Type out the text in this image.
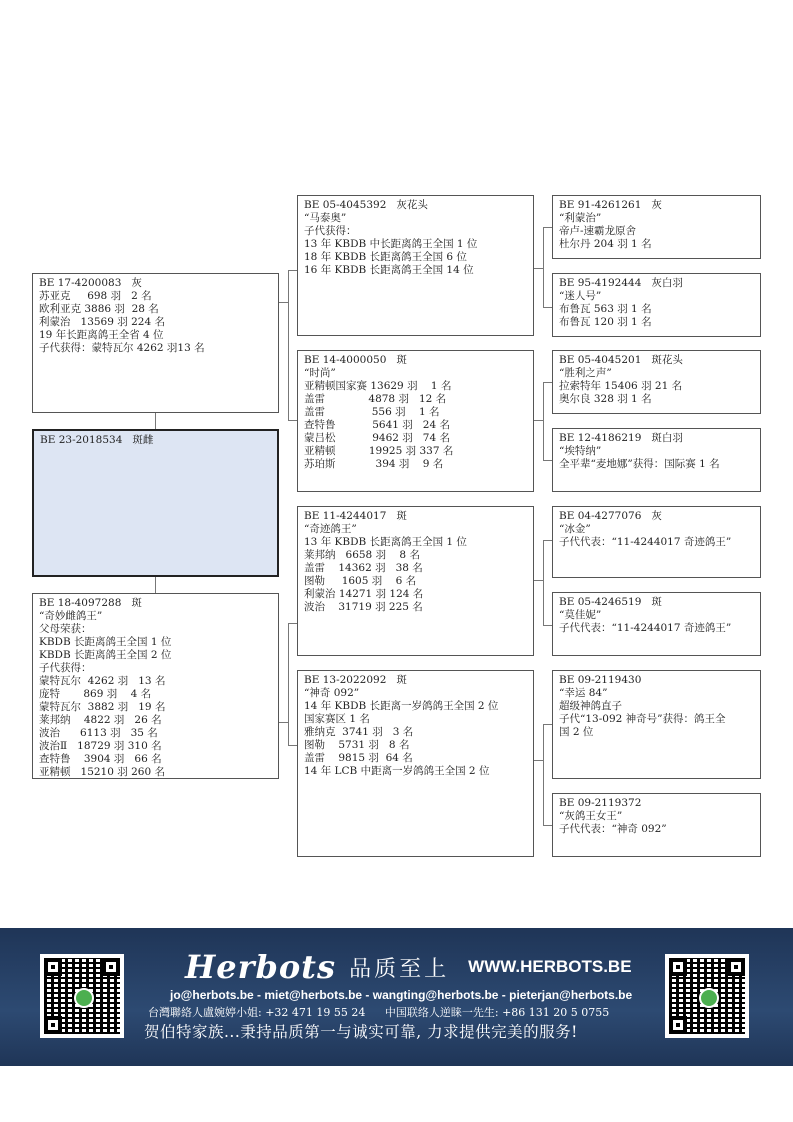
BE 17-4200083   灰
苏亚克     698 羽   2 名
欧利亚克 3886 羽  28 名
利蒙治   13569 羽 224 名
19 年长距离鸽王全省 4 位
子代获得：蒙特瓦尔 4262 羽13 名
BE 23-2018534   斑雌
BE 18-4097288   斑
“奇妙雌鸽王”
父母荣获：
KBDB 长距离鸽王全国 1 位
KBDB 长距离鸽王全国 2 位
子代获得：
蒙特瓦尔  4262 羽   13 名
庞特       869 羽    4 名
蒙特瓦尔  3882 羽   19 名
莱邦纳    4822 羽   26 名
波治      6113 羽   35 名
波治Ⅱ   18729 羽 310 名
查特鲁    3904 羽   66 名
亚精顿   15210 羽 260 名
BE 05-4045392   灰花头
“马泰奥”
子代获得：
13 年 KBDB 中长距离鸽王全国 1 位
18 年 KBDB 长距离鸽王全国 6 位
16 年 KBDB 长距离鸽王全国 14 位
BE 14-4000050   斑
“时尚”
亚精顿国家赛 13629 羽    1 名
盖雷             4878 羽   12 名
盖雷              556 羽    1 名
查特鲁           5641 羽   24 名
蒙吕松           9462 羽   74 名
亚精顿          19925 羽 337 名
苏珀斯            394 羽    9 名
BE 11-4244017   斑
“奇迹鸽王”
13 年 KBDB 长距离鸽王全国 1 位
莱邦纳   6658 羽    8 名
盖雷    14362 羽   38 名
图勒     1605 羽    6 名
利蒙治 14271 羽 124 名
波治    31719 羽 225 名
BE 13-2022092   斑
“神奇 092”
14 年 KBDB 长距离一岁鸽鸽王全国 2 位
国家赛区 1 名
雅纳克  3741 羽   3 名
图勒    5731 羽   8 名
盖雷    9815 羽  64 名
14 年 LCB 中距离一岁鸽鸽王全国 2 位
BE 91-4261261   灰
“利蒙治”
帝卢-速霸龙原舍
杜尔丹 204 羽 1 名
BE 95-4192444   灰白羽
“迷人号”
布鲁瓦 563 羽 1 名
布鲁瓦 120 羽 1 名
BE 05-4045201   斑花头
“胜利之声”
拉索特年 15406 羽 21 名
奥尔良 328 羽 1 名
BE 12-4186219   斑白羽
“埃特纳”
全平辈“麦地娜”获得：国际赛 1 名
BE 04-4277076   灰
“冰金”
子代代表：“11-4244017 奇迹鸽王”
BE 05-4246519   斑
“莫佳妮”
子代代表：“11-4244017 奇迹鸽王”
BE 09-2119430
“幸运 84”
超级神鸽直子
子代“13-092 神奇号”获得：鸽王全
国 2 位
BE 09-2119372
“灰鸽王女王”
子代代表：“神奇 092”
Herbots 品质至上 WWW.HERBOTS.BE
jo@herbots.be - miet@herbots.be - wangting@herbots.be - pieterjan@herbots.be
台灣聯絡人盧婉婷小姐: +32 471 19 55 24 中国联络人逆睐一先生: +86 131 20 5 0755
贺伯特家族...秉持品质第一与诚实可靠, 力求提供完美的服务!
